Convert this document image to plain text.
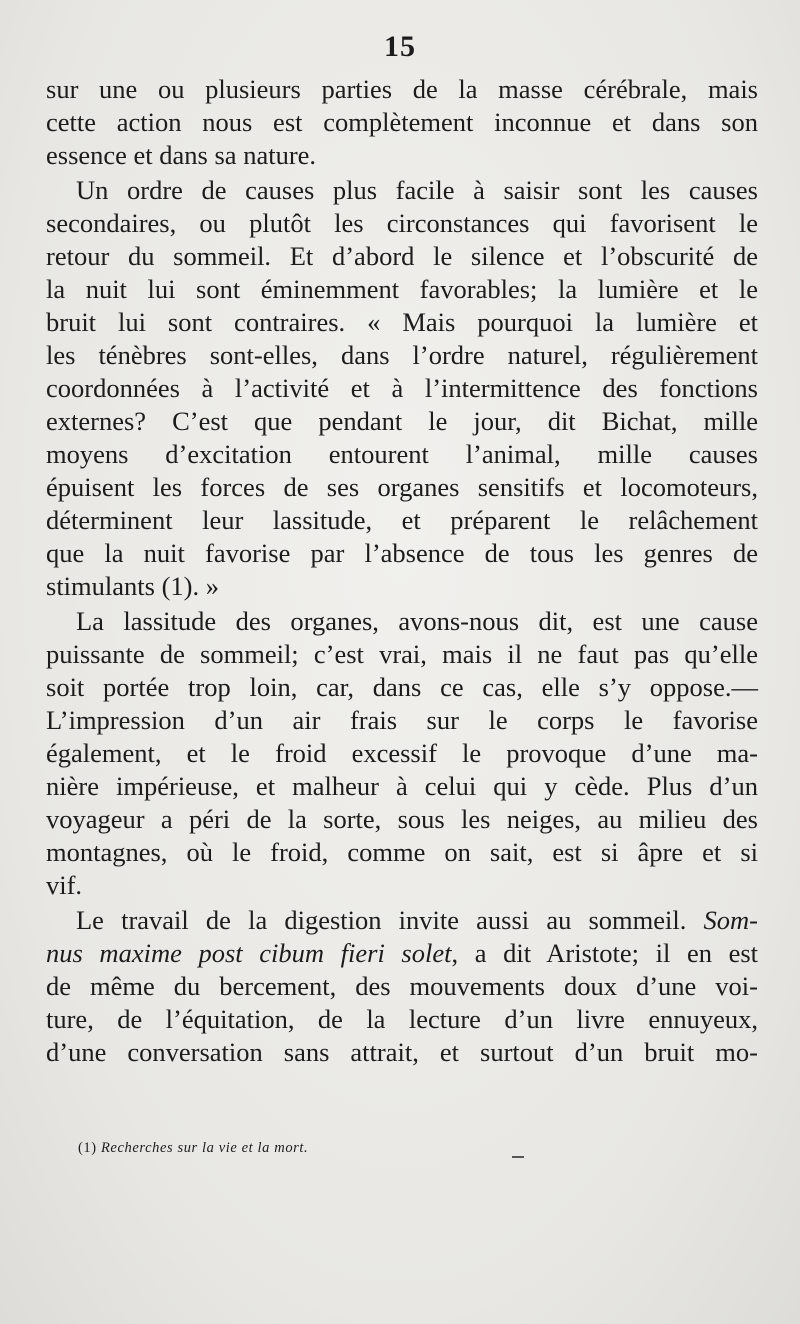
15
sur une ou plusieurs parties de la masse cérébrale, mais
cette action nous est complètement inconnue et dans son
essence et dans sa nature.
Un ordre de causes plus facile à saisir sont les causes
secondaires, ou plutôt les circonstances qui favorisent le
retour du sommeil. Et d’abord le silence et l’obscurité de
la nuit lui sont éminemment favorables; la lumière et le
bruit lui sont contraires. « Mais pourquoi la lumière et
les ténèbres sont-elles, dans l’ordre naturel, régulièrement
coordonnées à l’activité et à l’intermittence des fonctions
externes? C’est que pendant le jour, dit Bichat, mille
moyens d’excitation entourent l’animal, mille causes
épuisent les forces de ses organes sensitifs et locomoteurs,
déterminent leur lassitude, et préparent le relâchement
que la nuit favorise par l’absence de tous les genres de
stimulants (1). »
La lassitude des organes, avons-nous dit, est une cause
puissante de sommeil; c’est vrai, mais il ne faut pas qu’elle
soit portée trop loin, car, dans ce cas, elle s’y oppose.—
L’impression d’un air frais sur le corps le favorise
également, et le froid excessif le provoque d’une ma-
nière impérieuse, et malheur à celui qui y cède. Plus d’un
voyageur a péri de la sorte, sous les neiges, au milieu des
montagnes, où le froid, comme on sait, est si âpre et si
vif.
Le travail de la digestion invite aussi au sommeil. Som-
nus maxime post cibum fieri solet, a dit Aristote; il en est
de même du bercement, des mouvements doux d’une voi-
ture, de l’équitation, de la lecture d’un livre ennuyeux,
d’une conversation sans attrait, et surtout d’un bruit mo-
(1) Recherches sur la vie et la mort.
